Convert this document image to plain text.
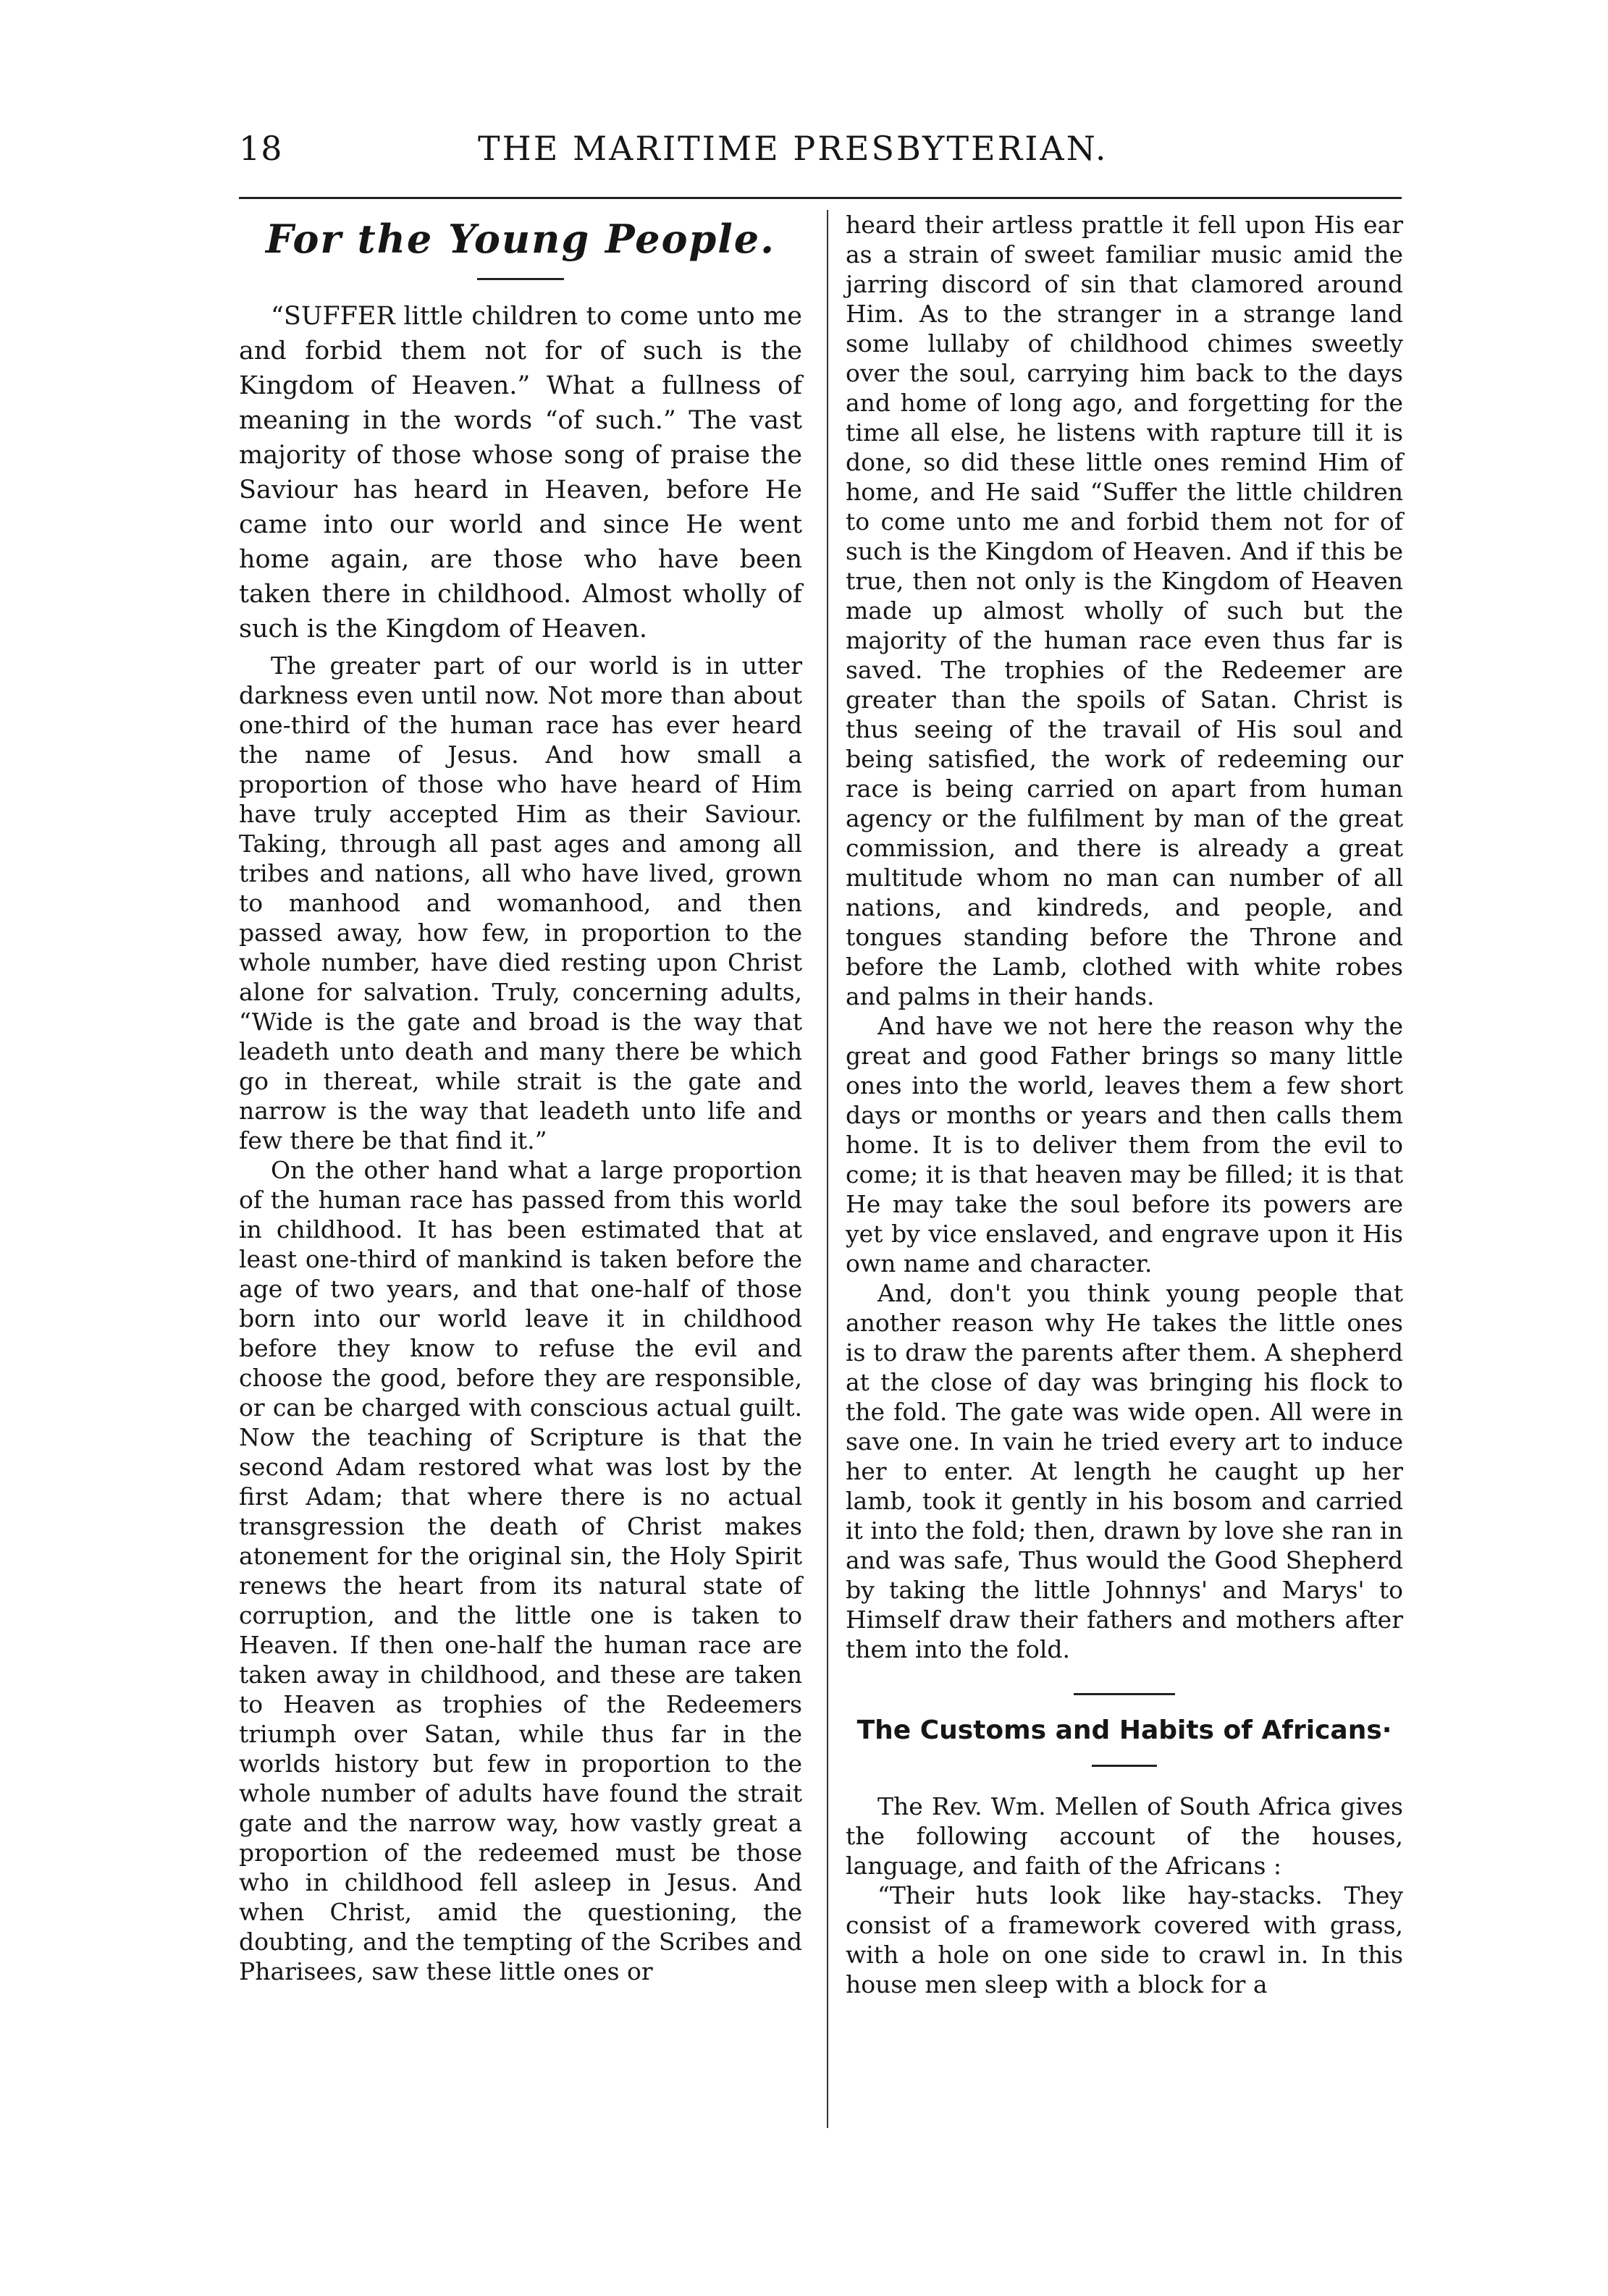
18	THE MARITIME PRESBYTERIAN.
For the Young People.

“SUFFER little children to come unto me and forbid them not for of such is the Kingdom of Heaven.” What a fullness of meaning in the words “of such.” The vast majority of those whose song of praise the Saviour has heard in Heaven, before He came into our world and since He went home again, are those who have been taken there in childhood. Almost wholly of such is the Kingdom of Heaven.

The greater part of our world is in utter darkness even until now. Not more than about one-third of the human race has ever heard the name of Jesus. And how small a proportion of those who have heard of Him have truly accepted Him as their Saviour. Taking, through all past ages and among all tribes and nations, all who have lived, grown to manhood and womanhood, and then passed away, how few, in proportion to the whole number, have died resting upon Christ alone for salvation. Truly, concerning adults, “Wide is the gate and broad is the way that leadeth unto death and many there be which go in thereat, while strait is the gate and narrow is the way that leadeth unto life and few there be that find it.”

On the other hand what a large proportion of the human race has passed from this world in childhood. It has been estimated that at least one-third of mankind is taken before the age of two years, and that one-half of those born into our world leave it in childhood before they know to refuse the evil and choose the good, before they are responsible, or can be charged with conscious actual guilt. Now the teaching of Scripture is that the second Adam restored what was lost by the first Adam; that where there is no actual transgression the death of Christ makes atonement for the original sin, the Holy Spirit renews the heart from its natural state of corruption, and the little one is taken to Heaven. If then one-half the human race are taken away in childhood, and these are taken to Heaven as trophies of the Redeemers triumph over Satan, while thus far in the worlds history but few in proportion to the whole number of adults have found the strait gate and the narrow way, how vastly great a proportion of the redeemed must be those who in childhood fell asleep in Jesus. And when Christ, amid the questioning, the doubting, and the tempting of the Scribes and Pharisees, saw these little ones or

heard their artless prattle it fell upon His ear as a strain of sweet familiar music amid the jarring discord of sin that clamored around Him. As to the stranger in a strange land some lullaby of childhood chimes sweetly over the soul, carrying him back to the days and home of long ago, and forgetting for the time all else, he listens with rapture till it is done, so did these little ones remind Him of home, and He said “Suffer the little children to come unto me and forbid them not for of such is the Kingdom of Heaven. And if this be true, then not only is the Kingdom of Heaven made up almost wholly of such but the majority of the human race even thus far is saved. The trophies of the Redeemer are greater than the spoils of Satan. Christ is thus seeing of the travail of His soul and being satisfied, the work of redeeming our race is being carried on apart from human agency or the fulfilment by man of the great commission, and there is already a great multitude whom no man can number of all nations, and kindreds, and people, and tongues standing before the Throne and before the Lamb, clothed with white robes and palms in their hands.

And have we not here the reason why the great and good Father brings so many little ones into the world, leaves them a few short days or months or years and then calls them home. It is to deliver them from the evil to come; it is that heaven may be filled; it is that He may take the soul before its powers are yet by vice enslaved, and engrave upon it His own name and character.

And, don't you think young people that another reason why He takes the little ones is to draw the parents after them. A shepherd at the close of day was bringing his flock to the fold. The gate was wide open. All were in save one. In vain he tried every art to induce her to enter. At length he caught up her lamb, took it gently in his bosom and carried it into the fold; then, drawn by love she ran in and was safe, Thus would the Good Shepherd by taking the little Johnnys' and Marys' to Himself draw their fathers and mothers after them into the fold.

The Customs and Habits of Africans·

The Rev. Wm. Mellen of South Africa gives the following account of the houses, language, and faith of the Africans :

“Their huts look like hay-stacks. They consist of a framework covered with grass, with a hole on one side to crawl in. In this house men sleep with a block for a
